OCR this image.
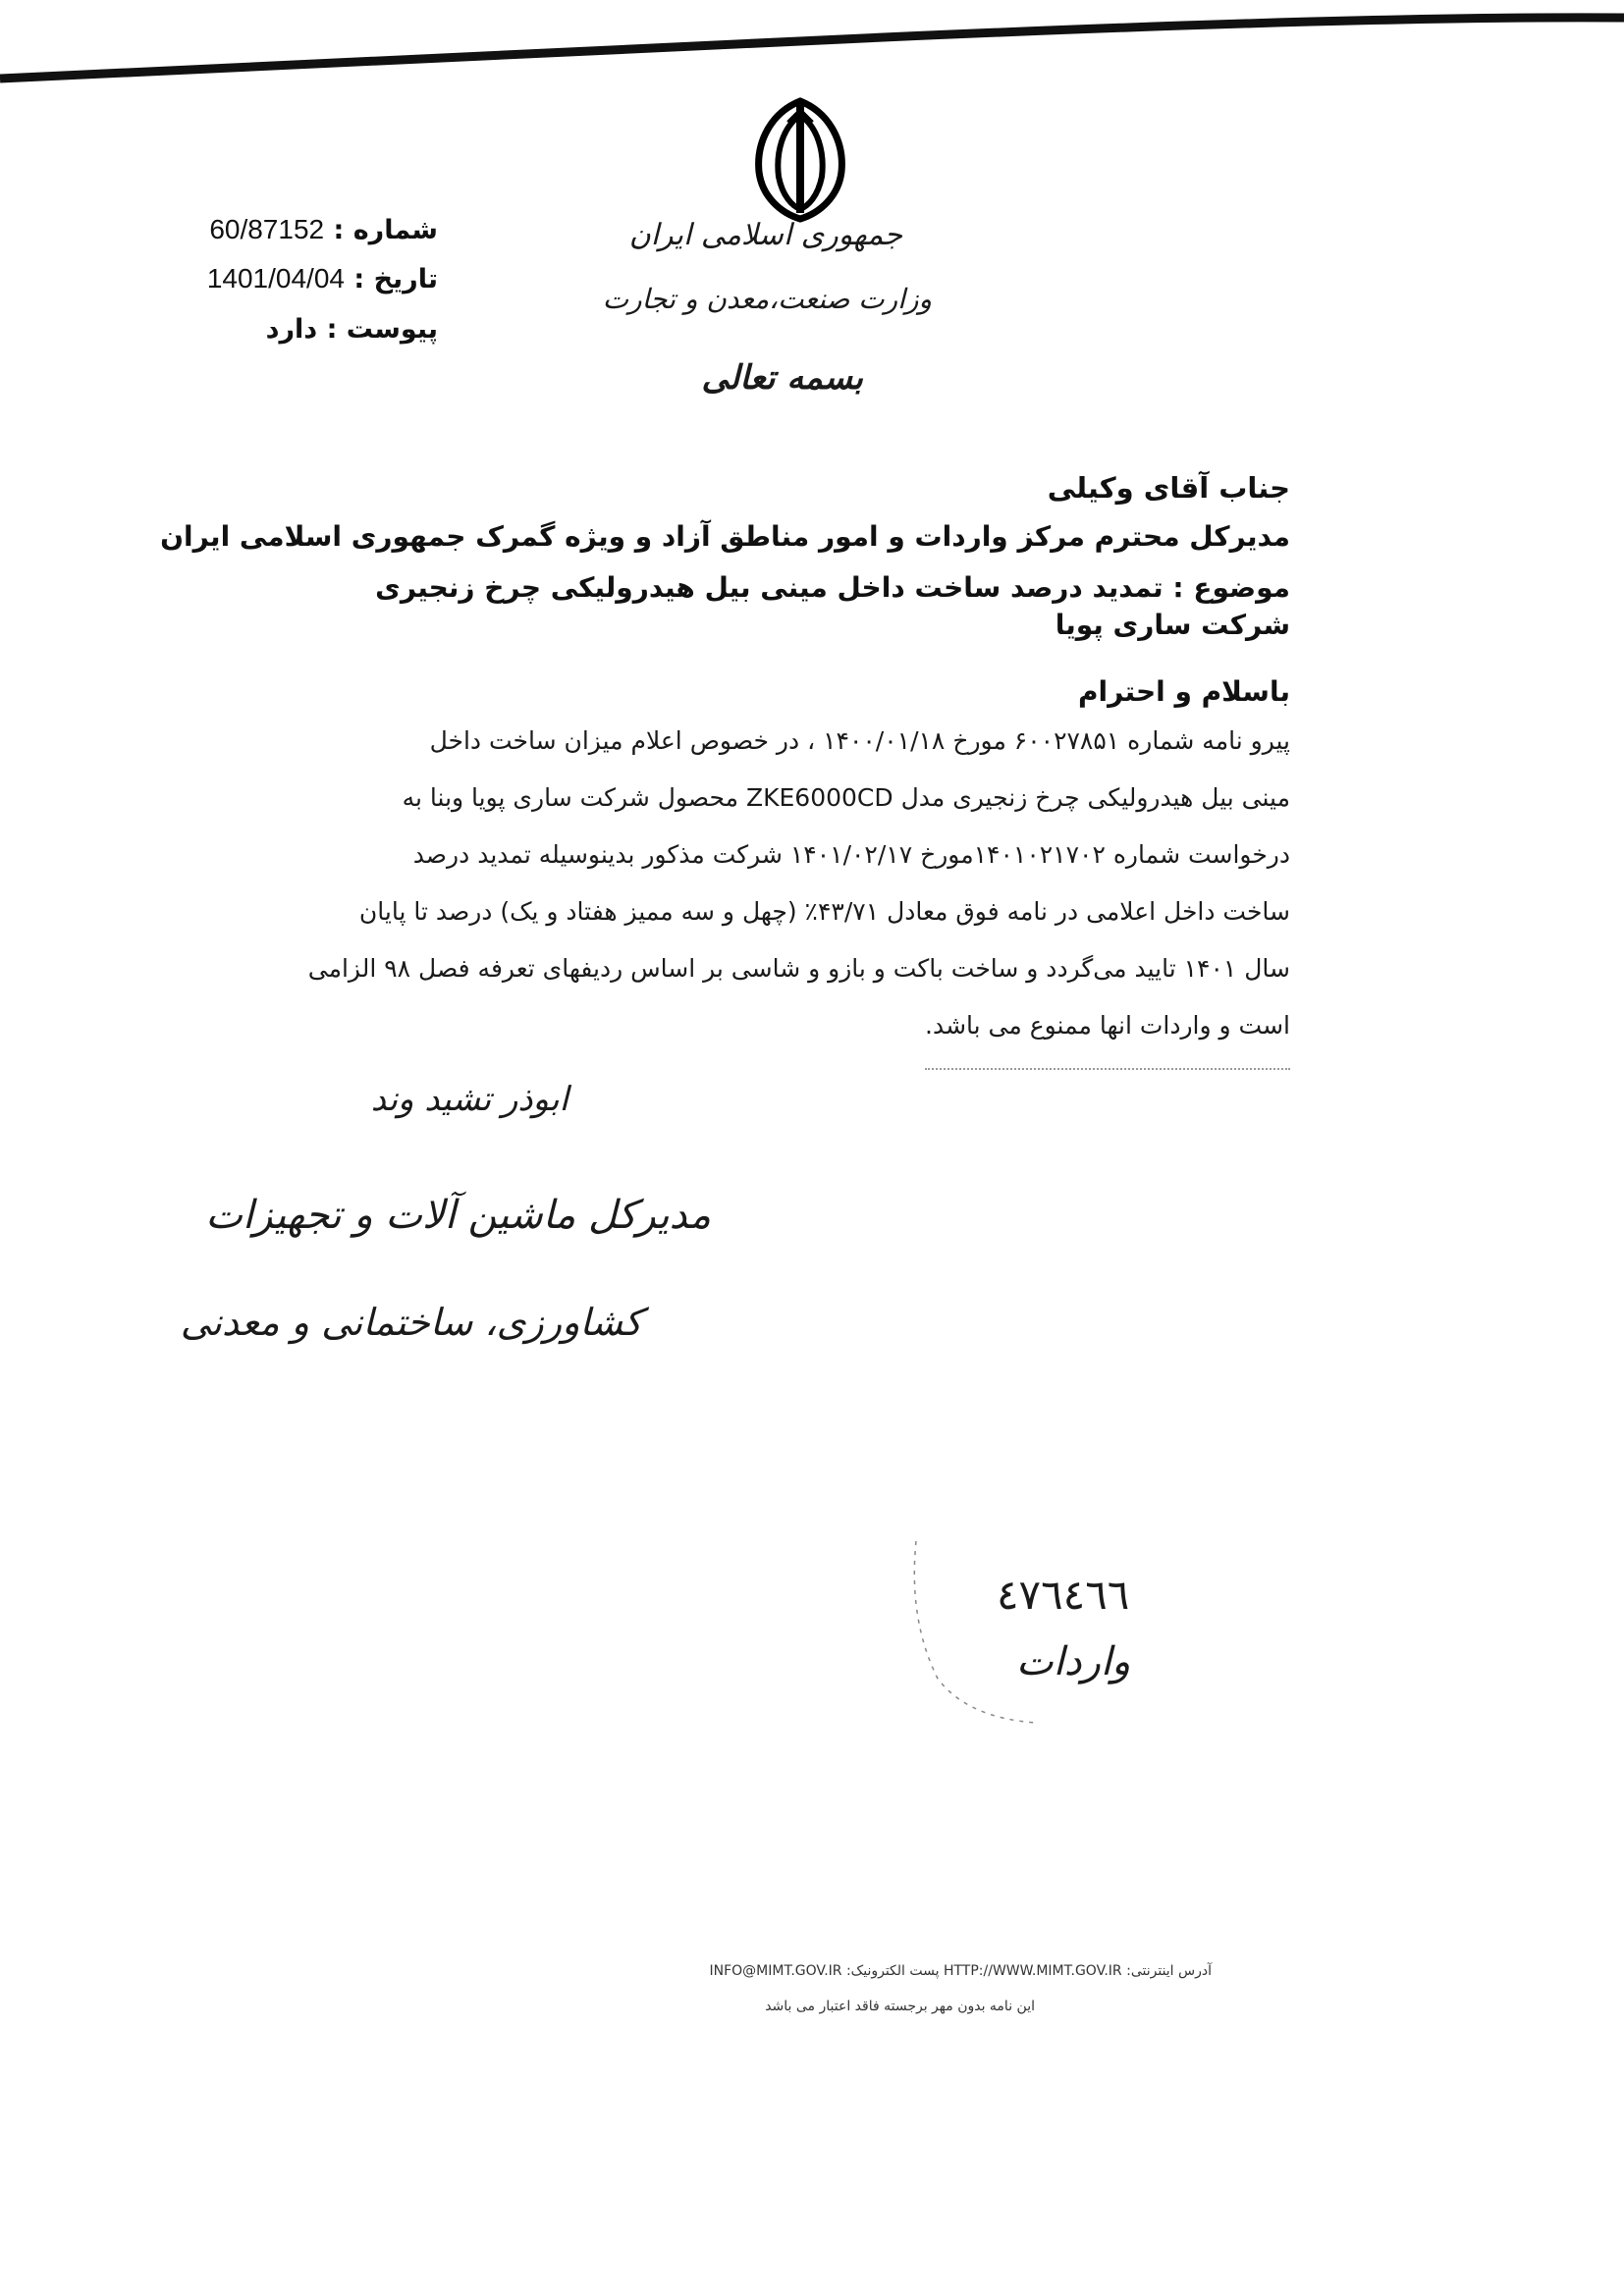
جمهوری اسلامی ایران
وزارت صنعت،معدن و تجارت
بسمه تعالی
شماره : 60/87152
تاریخ : 1401/04/04
پیوست : دارد
جناب آقای وکیلی
مدیرکل محترم مرکز واردات و امور مناطق آزاد و ویژه گمرک جمهوری اسلامی ایران
موضوع : تمدید درصد ساخت داخل مینی بیل هیدرولیکی چرخ زنجیری شرکت ساری پویا
باسلام و احترام
پیرو نامه شماره ۶۰۰۲۷۸۵۱ مورخ ۱۴۰۰/۰۱/۱۸ ، در خصوص اعلام میزان ساخت داخل
مینی بیل هیدرولیکی چرخ زنجیری مدل ZKE6000CD محصول شرکت ساری پویا وبنا به
درخواست شماره ۱۴۰۱۰۲۱۷۰۲مورخ ۱۴۰۱/۰۲/۱۷ شرکت مذکور بدینوسیله تمدید درصد
ساخت داخل اعلامی در نامه فوق معادل ۴۳/۷۱٪ (چهل و سه ممیز هفتاد و یک) درصد تا پایان
سال ۱۴۰۱ تایید می‌گردد و ساخت باکت و بازو و شاسی بر اساس ردیفهای تعرفه فصل ۹۸ الزامی
است و واردات انها ممنوع می باشد.
ابوذر تشید وند
مدیرکل ماشین آلات و تجهیزات
کشاورزی، ساختمانی و معدنی
٤٧٦٤٦٦
واردات
آدرس اینترنتی: HTTP://WWW.MIMT.GOV.IR پست الکترونیک: INFO@MIMT.GOV.IR
این نامه بدون مهر برجسته فاقد اعتبار می باشد
